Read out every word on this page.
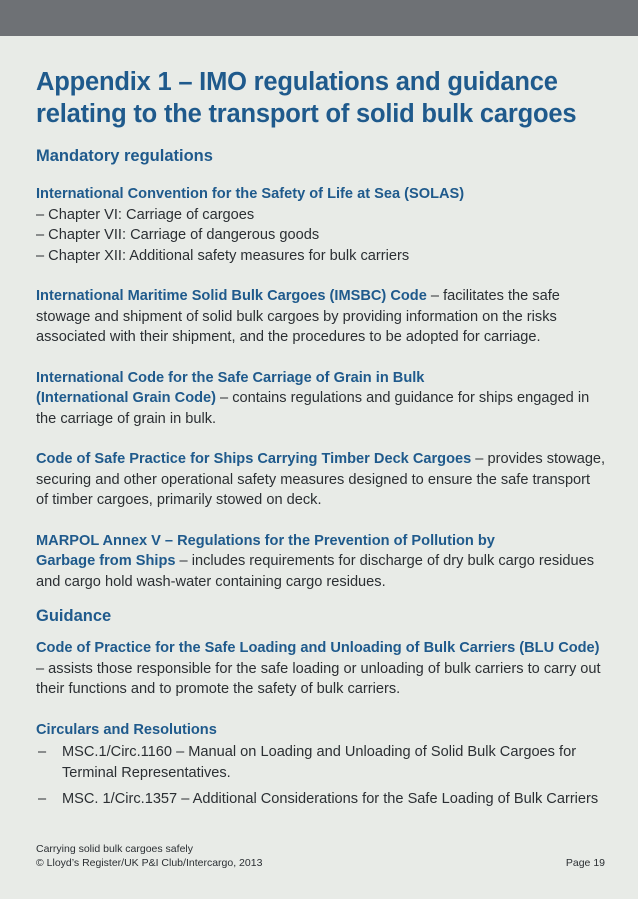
Appendix 1 – IMO regulations and guidance
relating to the transport of solid bulk cargoes
Mandatory regulations
International Convention for the Safety of Life at Sea (SOLAS)
– Chapter VI: Carriage of cargoes
– Chapter VII: Carriage of dangerous goods
– Chapter XII: Additional safety measures for bulk carriers

International Maritime Solid Bulk Cargoes (IMSBC) Code – facilitates the safe stowage and shipment of solid bulk cargoes by providing information on the risks associated with their shipment, and the procedures to be adopted for carriage.

International Code for the Safe Carriage of Grain in Bulk
(International Grain Code) – contains regulations and guidance for ships engaged in the carriage of grain in bulk.

Code of Safe Practice for Ships Carrying Timber Deck Cargoes – provides stowage, securing and other operational safety measures designed to ensure the safe transport of timber cargoes, primarily stowed on deck.

MARPOL Annex V – Regulations for the Prevention of Pollution by
Garbage from Ships – includes requirements for discharge of dry bulk cargo residues and cargo hold wash-water containing cargo residues.

Guidance

Code of Practice for the Safe Loading and Unloading of Bulk Carriers (BLU Code)
– assists those responsible for the safe loading or unloading of bulk carriers to carry out their functions and to promote the safety of bulk carriers.

Circulars and Resolutions
–	MSC.1/Circ.1160 – Manual on Loading and Unloading of Solid Bulk Cargoes for Terminal Representatives.
–	MSC. 1/Circ.1357 – Additional Considerations for the Safe Loading of Bulk Carriers
Carrying solid bulk cargoes safely
© Lloyd’s Register/UK P&I Club/Intercargo, 2013	Page 19
